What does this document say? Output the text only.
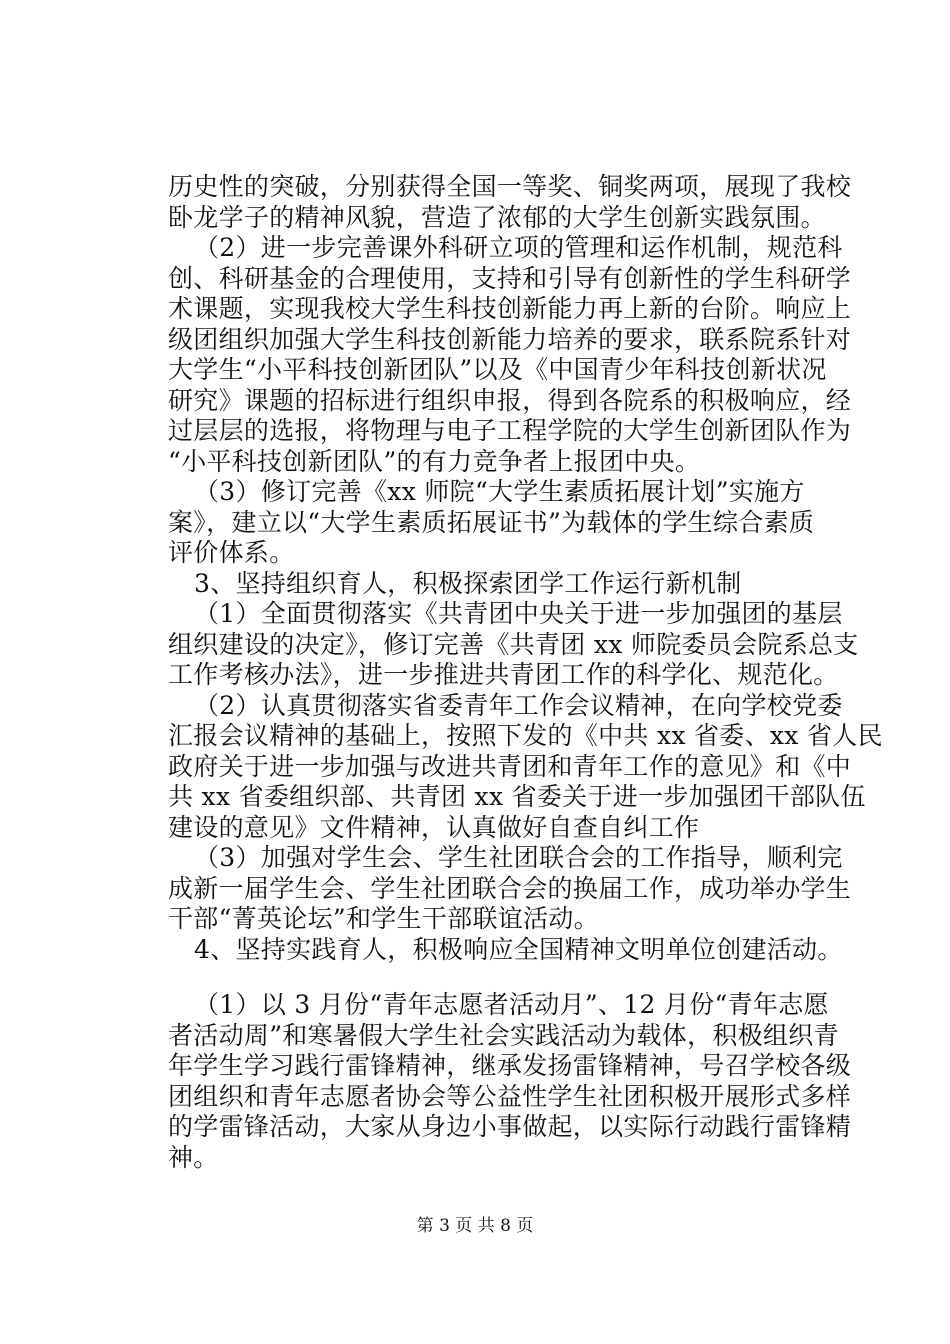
历史性的突破，分别获得全国一等奖、铜奖两项，展现了我校
卧龙学子的精神风貌，营造了浓郁的大学生创新实践氛围。
（2）进一步完善课外科研立项的管理和运作机制，规范科
创、科研基金的合理使用，支持和引导有创新性的学生科研学
术课题，实现我校大学生科技创新能力再上新的台阶。响应上
级团组织加强大学生科技创新能力培养的要求，联系院系针对
大学生“小平科技创新团队”以及《中国青少年科技创新状况
研究》课题的招标进行组织申报，得到各院系的积极响应，经
过层层的选报，将物理与电子工程学院的大学生创新团队作为
“小平科技创新团队”的有力竞争者上报团中央。
（3）修订完善《xx 师院“大学生素质拓展计划”实施方
案》，建立以“大学生素质拓展证书”为载体的学生综合素质
评价体系。
3、坚持组织育人，积极探索团学工作运行新机制
（1）全面贯彻落实《共青团中央关于进一步加强团的基层
组织建设的决定》，修订完善《共青团 xx 师院委员会院系总支
工作考核办法》，进一步推进共青团工作的科学化、规范化。
（2）认真贯彻落实省委青年工作会议精神，在向学校党委
汇报会议精神的基础上，按照下发的《中共 xx 省委、xx 省人民
政府关于进一步加强与改进共青团和青年工作的意见》和《中
共 xx 省委组织部、共青团 xx 省委关于进一步加强团干部队伍
建设的意见》文件精神，认真做好自查自纠工作
（3）加强对学生会、学生社团联合会的工作指导，顺利完
成新一届学生会、学生社团联合会的换届工作，成功举办学生
干部“菁英论坛”和学生干部联谊活动。
4、坚持实践育人，积极响应全国精神文明单位创建活动。
（1）以 3 月份“青年志愿者活动月”、12 月份“青年志愿
者活动周”和寒暑假大学生社会实践活动为载体，积极组织青
年学生学习践行雷锋精神，继承发扬雷锋精神，号召学校各级
团组织和青年志愿者协会等公益性学生社团积极开展形式多样
的学雷锋活动，大家从身边小事做起，以实际行动践行雷锋精
神。
第 3 页 共 8 页
